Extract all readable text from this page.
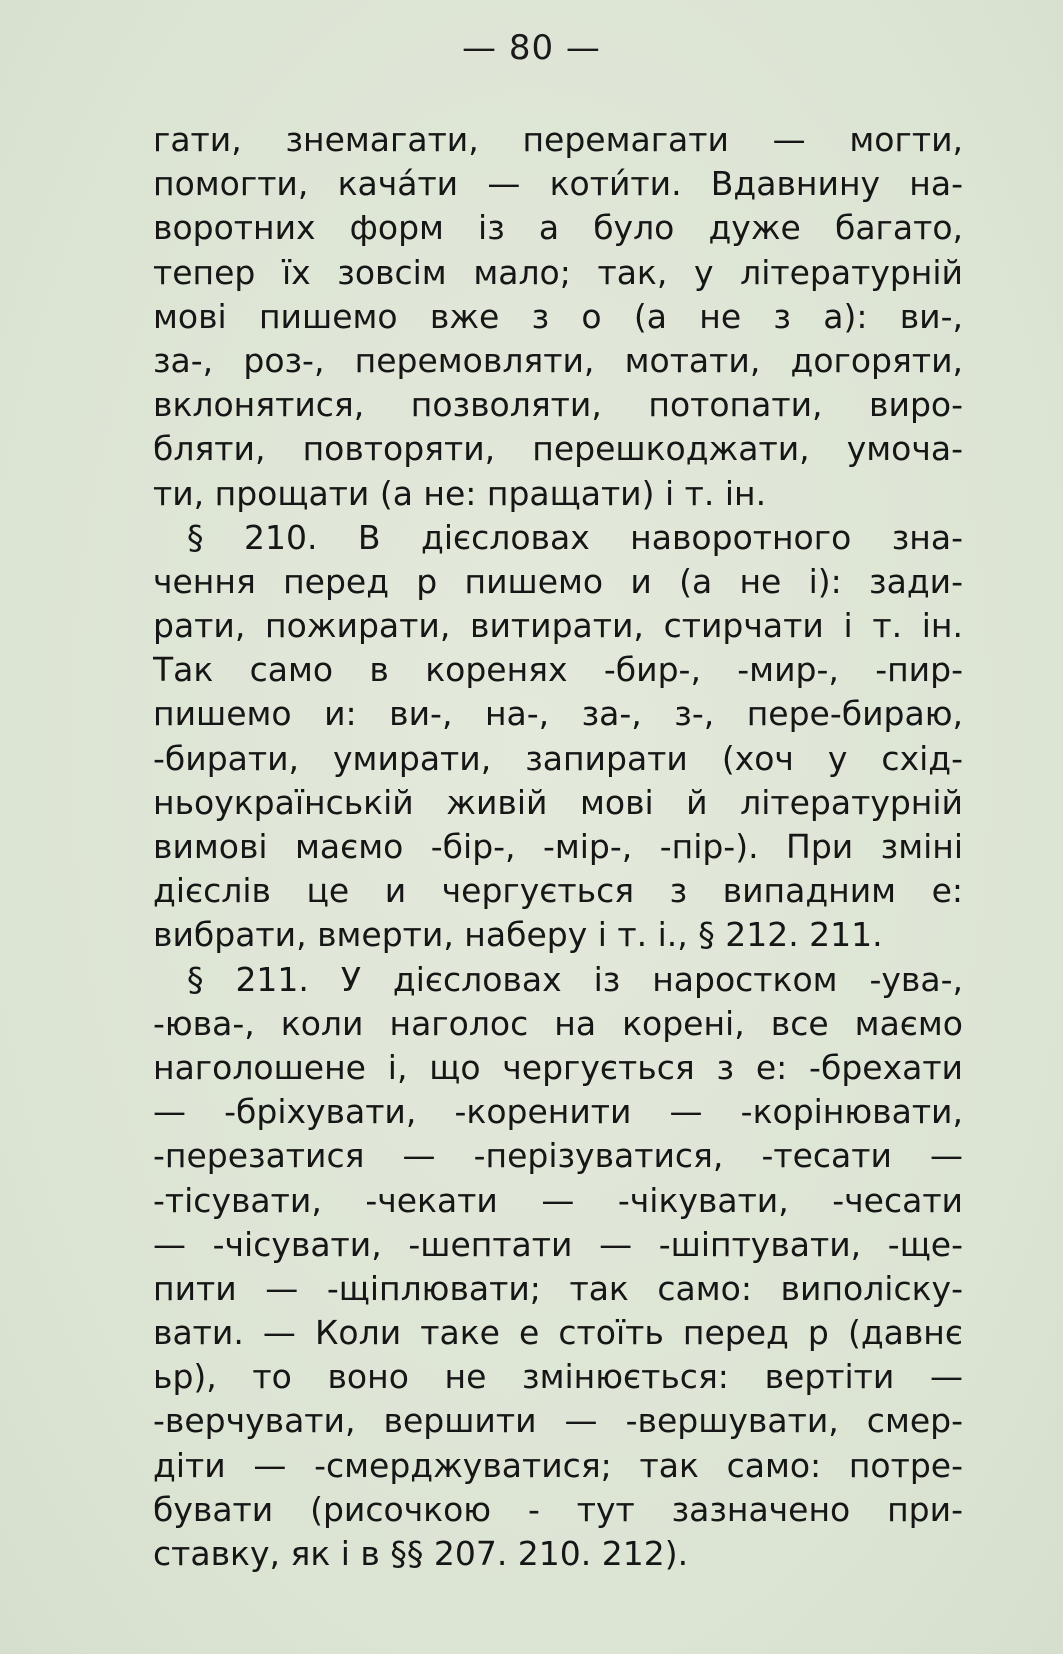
— 80 —
гати, знемагати, перемагати — могти,
помогти, кача́ти — коти́ти. Вдавнину на-
воротних форм із а було дуже багато,
тепер їх зовсім мало; так, у літературній
мові пишемо вже з о (а не з а): ви-,
за-, роз-, перемовляти, мотати, догоряти,
вклонятися, позволяти, потопати, виро-
бляти, повторяти, перешкоджати, умоча-
ти, прощати (а не: пращати) і т. ін.
§ 210. В дієсловах наворотного зна-
чення перед р пишемо и (а не і): зади-
рати, пожирати, витирати, стирчати і т. ін.
Так само в коренях -бир-, -мир-, -пир-
пишемо и: ви-, на-, за-, з-, пере-бираю,
-бирати, умирати, запирати (хоч у схід-
ньоукраїнській живій мові й літературній
вимові маємо -бір-, -мір-, -пір-). При зміні
дієслів це и чергується з випадним е:
вибрати, вмерти, наберу і т. і., § 212. 211.
§ 211. У дієсловах із наростком -ува-,
-юва-, коли наголос на корені, все маємо
наголошене і, що чергується з е: -брехати
— -бріхувати, -коренити — -корінювати,
-перезатися — -перізуватися, -тесати —
-тісувати, -чекати — -чікувати, -чесати
— -чісувати, -шептати — -шіптувати, -ще-
пити — -щіплювати; так само: виполіску-
вати. — Коли таке е стоїть перед р (давнє
ьр), то воно не змінюється: вертіти —
-верчувати, вершити — -вершувати, смер-
діти — -смерджуватися; так само: потре-
бувати (рисочкою - тут зазначено при-
ставку, як і в §§ 207. 210. 212).
